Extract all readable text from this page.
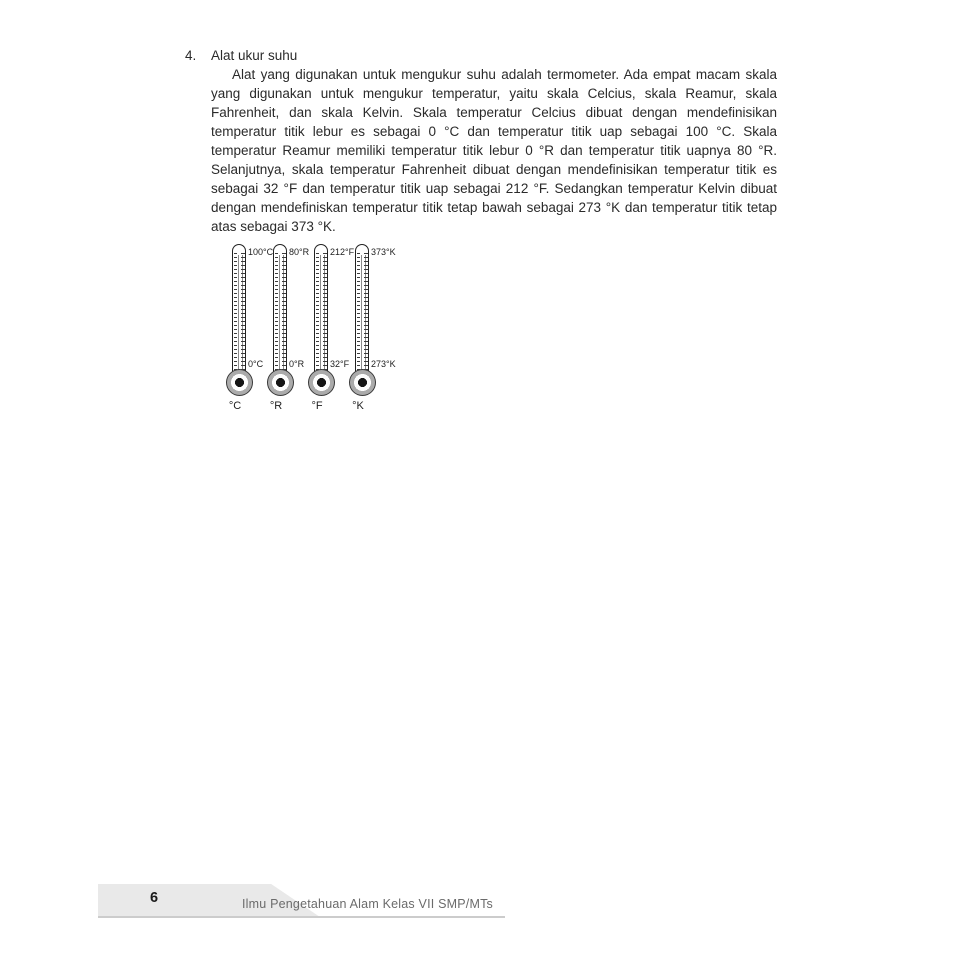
4.	Alat ukur suhu

Alat yang digunakan untuk mengukur suhu adalah termometer. Ada empat macam skala yang digunakan untuk mengukur temperatur, yaitu skala Celcius, skala Reamur, skala Fahrenheit, dan skala Kelvin. Skala temperatur Celcius dibuat dengan mendefinisikan temperatur titik lebur es sebagai 0 °C dan temperatur titik uap sebagai 100 °C. Skala temperatur Reamur memiliki temperatur titik lebur 0 °R dan temperatur titik uapnya 80 °R. Selanjutnya, skala temperatur Fahrenheit dibuat dengan mendefinisikan temperatur titik es sebagai 32 °F dan temperatur titik uap sebagai 212 °F. Sedangkan temperatur Kelvin dibuat dengan mendefiniskan temperatur titik tetap bawah sebagai 273 °K dan temperatur titik tetap atas sebagai 373 °K.

100°C
0°C
°C
80°R
0°R
°R
212°F
32°F
°F
373°K
273°K
°K
6	Ilmu Pengetahuan Alam Kelas VII SMP/MTs
